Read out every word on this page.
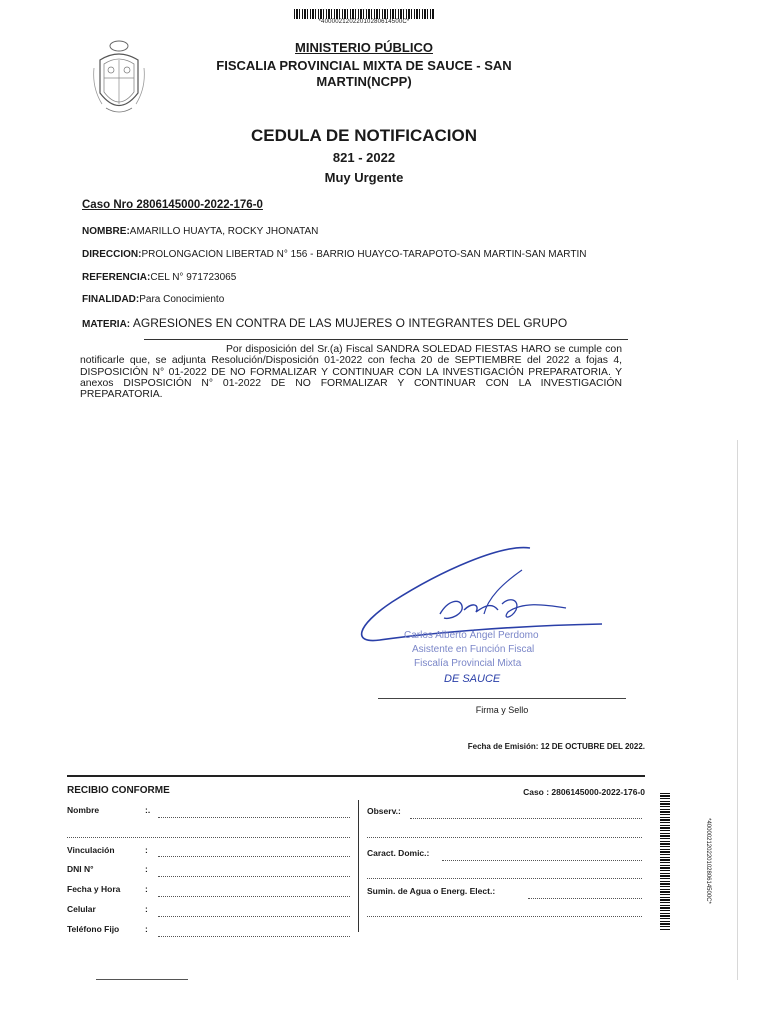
*40000212022010280614500C*
MINISTERIO PÚBLICO
FISCALIA PROVINCIAL MIXTA DE SAUCE - SAN
MARTIN(NCPP)
CEDULA DE NOTIFICACION
821 - 2022
Muy Urgente
Caso Nro 2806145000-2022-176-0
NOMBRE:AMARILLO HUAYTA, ROCKY JHONATAN
DIRECCION:PROLONGACIÓN LIBERTAD N° 156 - BARRIO HUAYCO-TARAPOTO-SAN MARTIN-SAN MARTIN
REFERENCIA:CEL N° 971723065
FINALIDAD:Para Conocimiento
MATERIA: AGRESIONES EN CONTRA DE LAS MUJERES O INTEGRANTES DEL GRUPO
Por disposición del Sr.(a) Fiscal SANDRA SOLEDAD FIESTAS HARO se cumple con notificarle que, se adjunta Resolución/Disposición 01-2022 con fecha 20 de SEPTIEMBRE del 2022 a fojas 4, DISPOSICIÓN N° 01-2022 DE NO FORMALIZAR Y CONTINUAR CON LA INVESTIGACIÓN PREPARATORIA. Y anexos DISPOSICIÓN N° 01-2022 DE NO FORMALIZAR Y CONTINUAR CON LA INVESTIGACIÓN PREPARATORIA.
Carlos Alberto Ángel Perdomo
Asistente en Función Fiscal
Fiscalía Provincial Mixta
DE SAUCE
Firma y Sello
Fecha de Emisión: 12 DE OCTUBRE DEL 2022.
RECIBIO CONFORME	Caso : 2806145000-2022-176-0
Nombre	:.
Vinculación	:
DNI N°	:
Fecha y Hora	:
Celular	:
Teléfono Fijo	:
Observ.:
Caract. Domic.:
Sumin. de Agua o Energ. Elect.:	*40000212022010280614500C*
